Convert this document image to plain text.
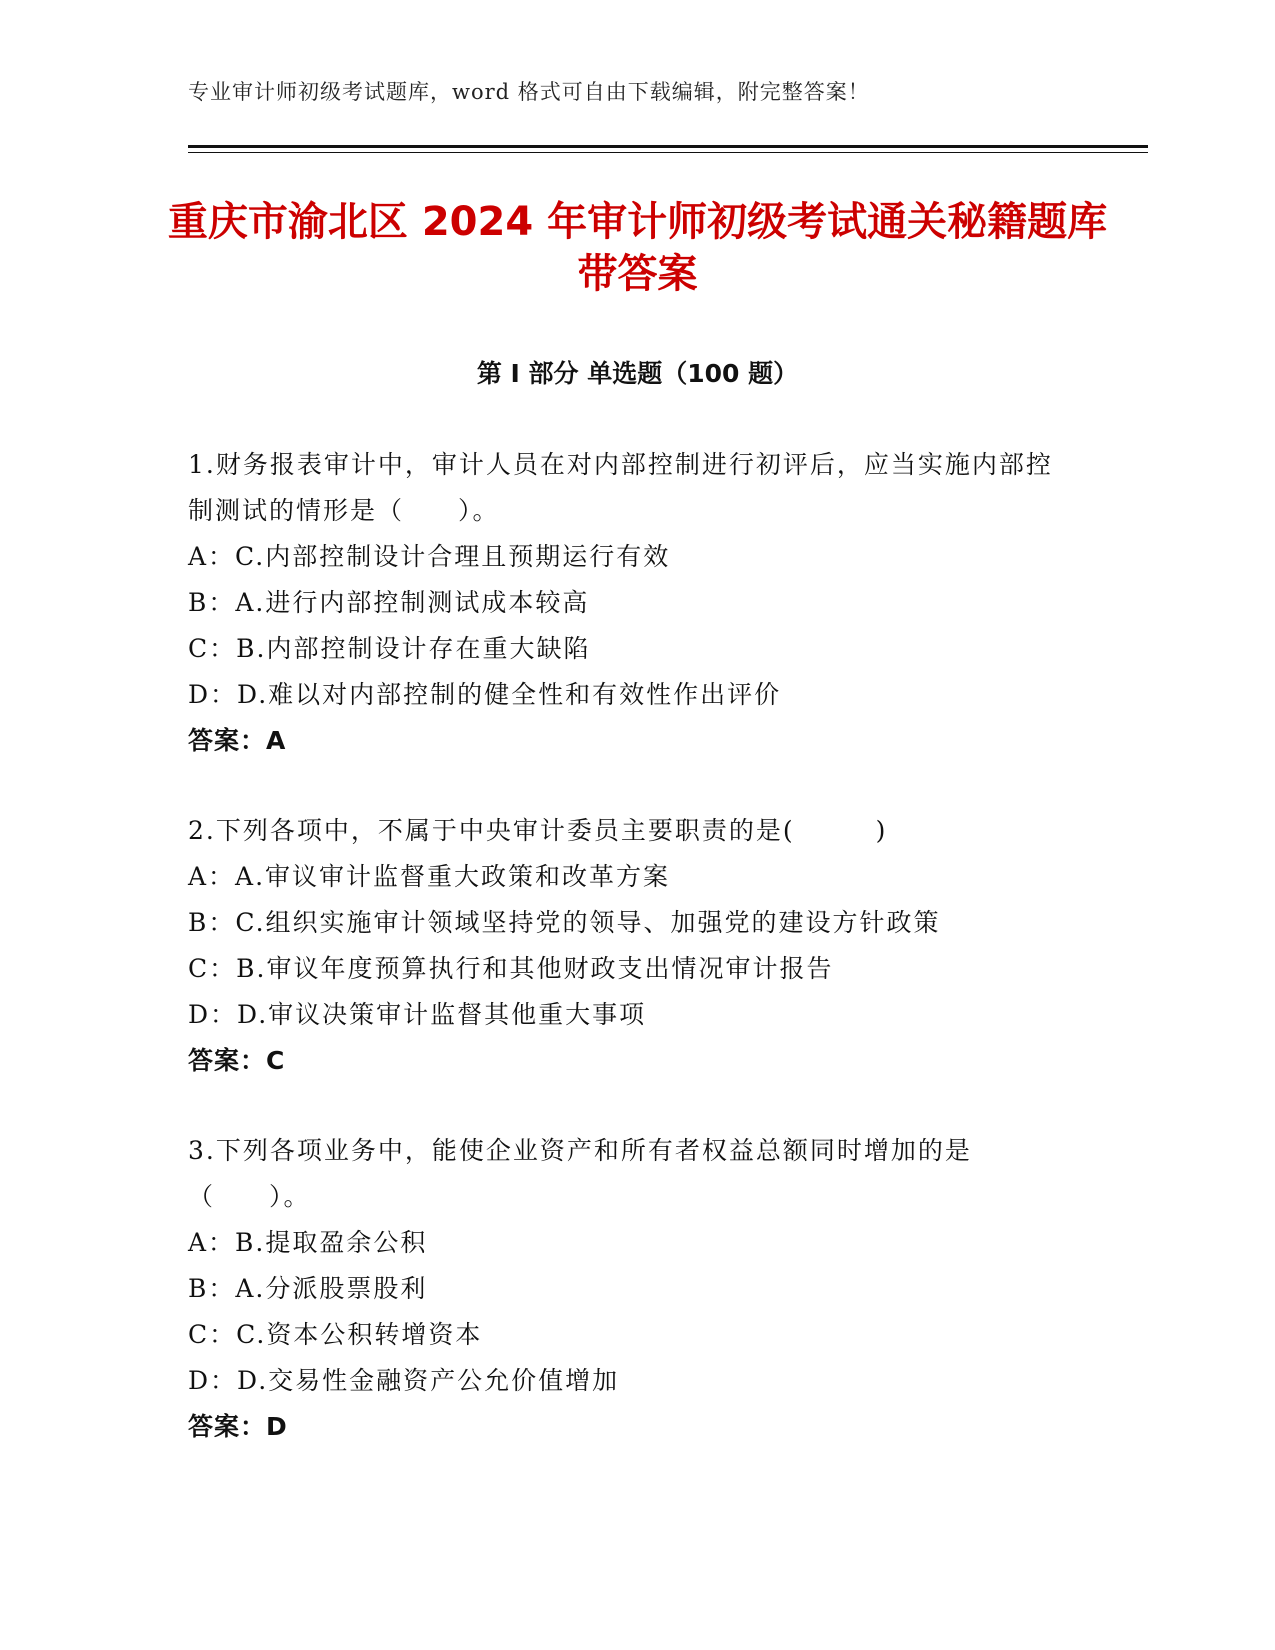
专业审计师初级考试题库，word 格式可自由下载编辑，附完整答案！
重庆市渝北区 2024 年审计师初级考试通关秘籍题库带答案
第 I 部分 单选题（100 题）

1.财务报表审计中，审计人员在对内部控制进行初评后，应当实施内部控制测试的情形是（　　）。

A：C.内部控制设计合理且预期运行有效

B：A.进行内部控制测试成本较高

C：B.内部控制设计存在重大缺陷

D：D.难以对内部控制的健全性和有效性作出评价

答案：A

2.下列各项中，不属于中央审计委员主要职责的是(　　　)

A：A.审议审计监督重大政策和改革方案

B：C.组织实施审计领域坚持党的领导、加强党的建设方针政策

C：B.审议年度预算执行和其他财政支出情况审计报告

D：D.审议决策审计监督其他重大事项

答案：C

3.下列各项业务中，能使企业资产和所有者权益总额同时增加的是（　　）。

A：B.提取盈余公积

B：A.分派股票股利

C：C.资本公积转增资本

D：D.交易性金融资产公允价值增加

答案：D
